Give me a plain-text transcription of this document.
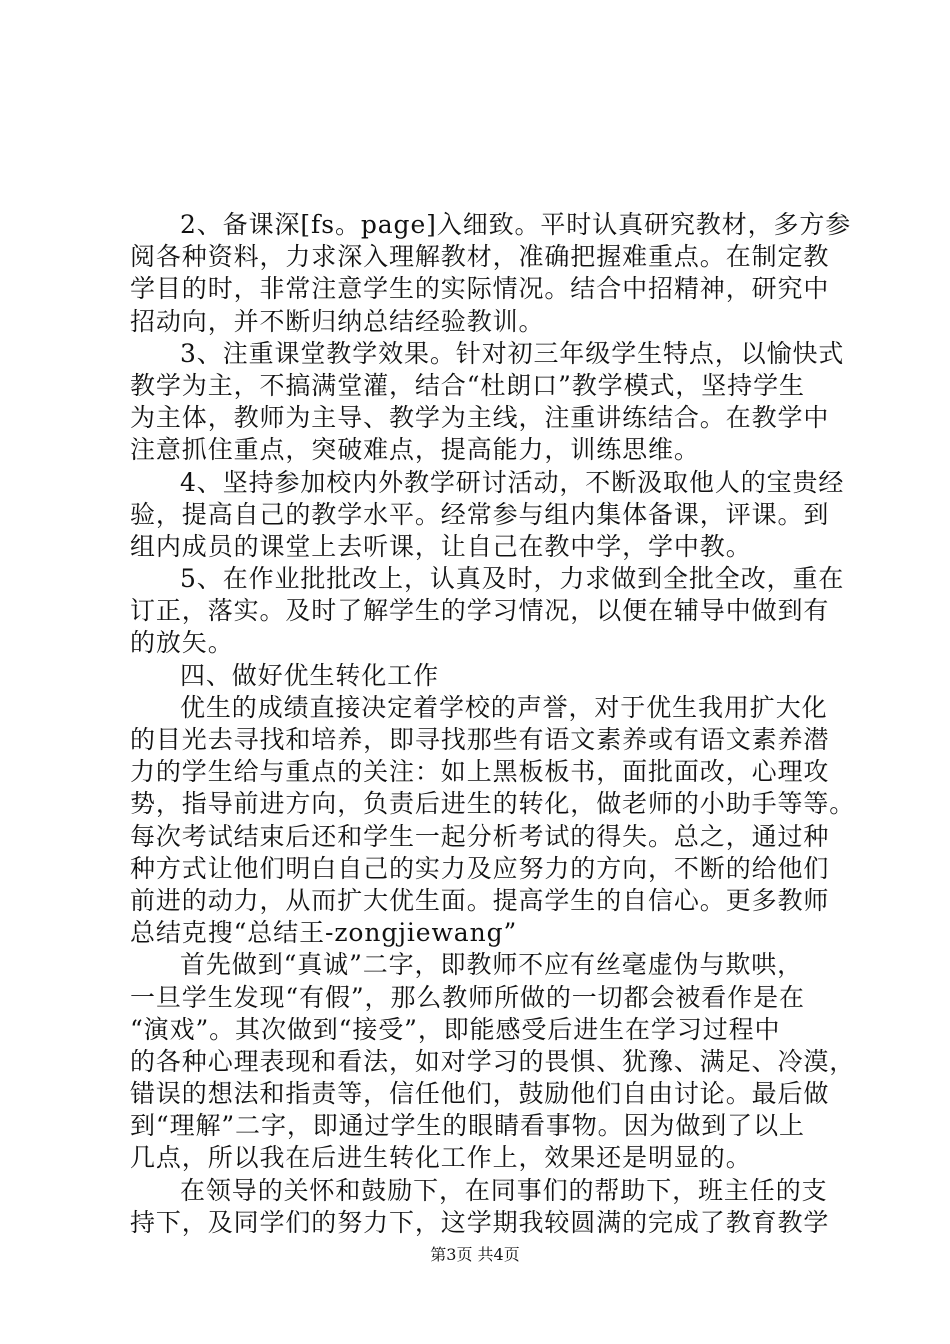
2、备课深[fs。page]入细致。平时认真研究教材，多方参
阅各种资料，力求深入理解教材，准确把握难重点。在制定教
学目的时，非常注意学生的实际情况。结合中招精神，研究中
招动向，并不断归纳总结经验教训。
3、注重课堂教学效果。针对初三年级学生特点，以愉快式
教学为主，不搞满堂灌，结合“杜朗口”教学模式，坚持学生
为主体，教师为主导、教学为主线，注重讲练结合。在教学中
注意抓住重点，突破难点，提高能力，训练思维。
4、坚持参加校内外教学研讨活动，不断汲取他人的宝贵经
验，提高自己的教学水平。经常参与组内集体备课，评课。到
组内成员的课堂上去听课，让自己在教中学，学中教。
5、在作业批批改上，认真及时，力求做到全批全改，重在
订正，落实。及时了解学生的学习情况，以便在辅导中做到有
的放矢。
四、做好优生转化工作
优生的成绩直接决定着学校的声誉，对于优生我用扩大化
的目光去寻找和培养，即寻找那些有语文素养或有语文素养潜
力的学生给与重点的关注：如上黑板板书，面批面改，心理攻
势，指导前进方向，负责后进生的转化，做老师的小助手等等。
每次考试结束后还和学生一起分析考试的得失。总之，通过种
种方式让他们明白自己的实力及应努力的方向，不断的给他们
前进的动力，从而扩大优生面。提高学生的自信心。更多教师
总结克搜“总结王-zongjiewang”
首先做到“真诚”二字，即教师不应有丝毫虚伪与欺哄，
一旦学生发现“有假”，那么教师所做的一切都会被看作是在
“演戏”。其次做到“接受”，即能感受后进生在学习过程中
的各种心理表现和看法，如对学习的畏惧、犹豫、满足、冷漠，
错误的想法和指责等，信任他们，鼓励他们自由讨论。最后做
到“理解”二字，即通过学生的眼睛看事物。因为做到了以上
几点，所以我在后进生转化工作上，效果还是明显的。
在领导的关怀和鼓励下，在同事们的帮助下，班主任的支
持下，及同学们的努力下，这学期我较圆满的完成了教育教学
第3页 共4页
